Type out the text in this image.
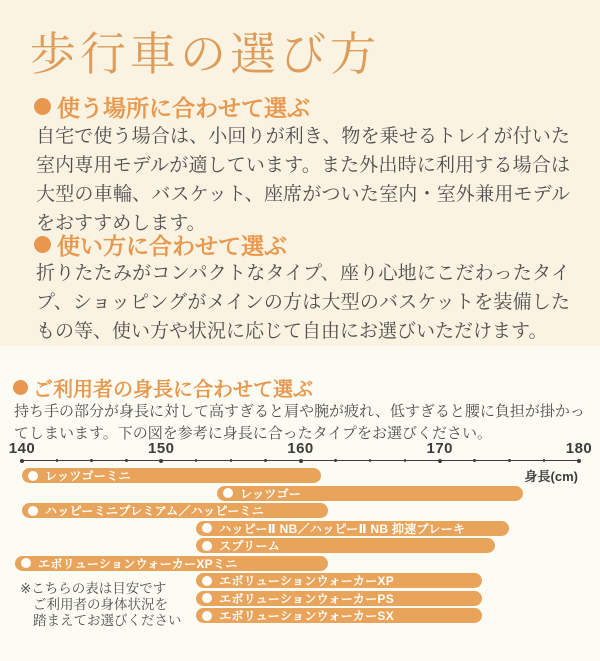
歩行車の選び方
使う場所に合わせて選ぶ
自宅で使う場合は、小回りが利き、物を乗せるトレイが付いた室内専用モデルが適しています。また外出時に利用する場合は大型の車輪、バスケット、座席がついた室内・室外兼用モデルをおすすめします。
使い方に合わせて選ぶ
折りたたみがコンパクトなタイプ、座り心地にこだわったタイプ、ショッピングがメインの方は大型のバスケットを装備したもの等、使い方や状況に応じて自由にお選びいただけます。
ご利用者の身長に合わせて選ぶ
持ち手の部分が身長に対して高すぎると肩や腕が疲れ、低すぎると腰に負担が掛かってしまいます。下の図を参考に身長に合ったタイプをお選びください。
身長(cm)
140	150	160	170	180
レッツゴーミニ
レッツゴー
ハッピーミニプレミアム／ハッピーミニ
ハッピーⅡ NB／ハッピーⅡ NB 抑速ブレーキ
スプリーム
エボリューションウォーカーXPミニ
エボリューションウォーカーXP
エボリューションウォーカーPS
エボリューションウォーカーSX
※こちらの表は目安です
ご利用者の身体状況を
踏まえてお選びください
